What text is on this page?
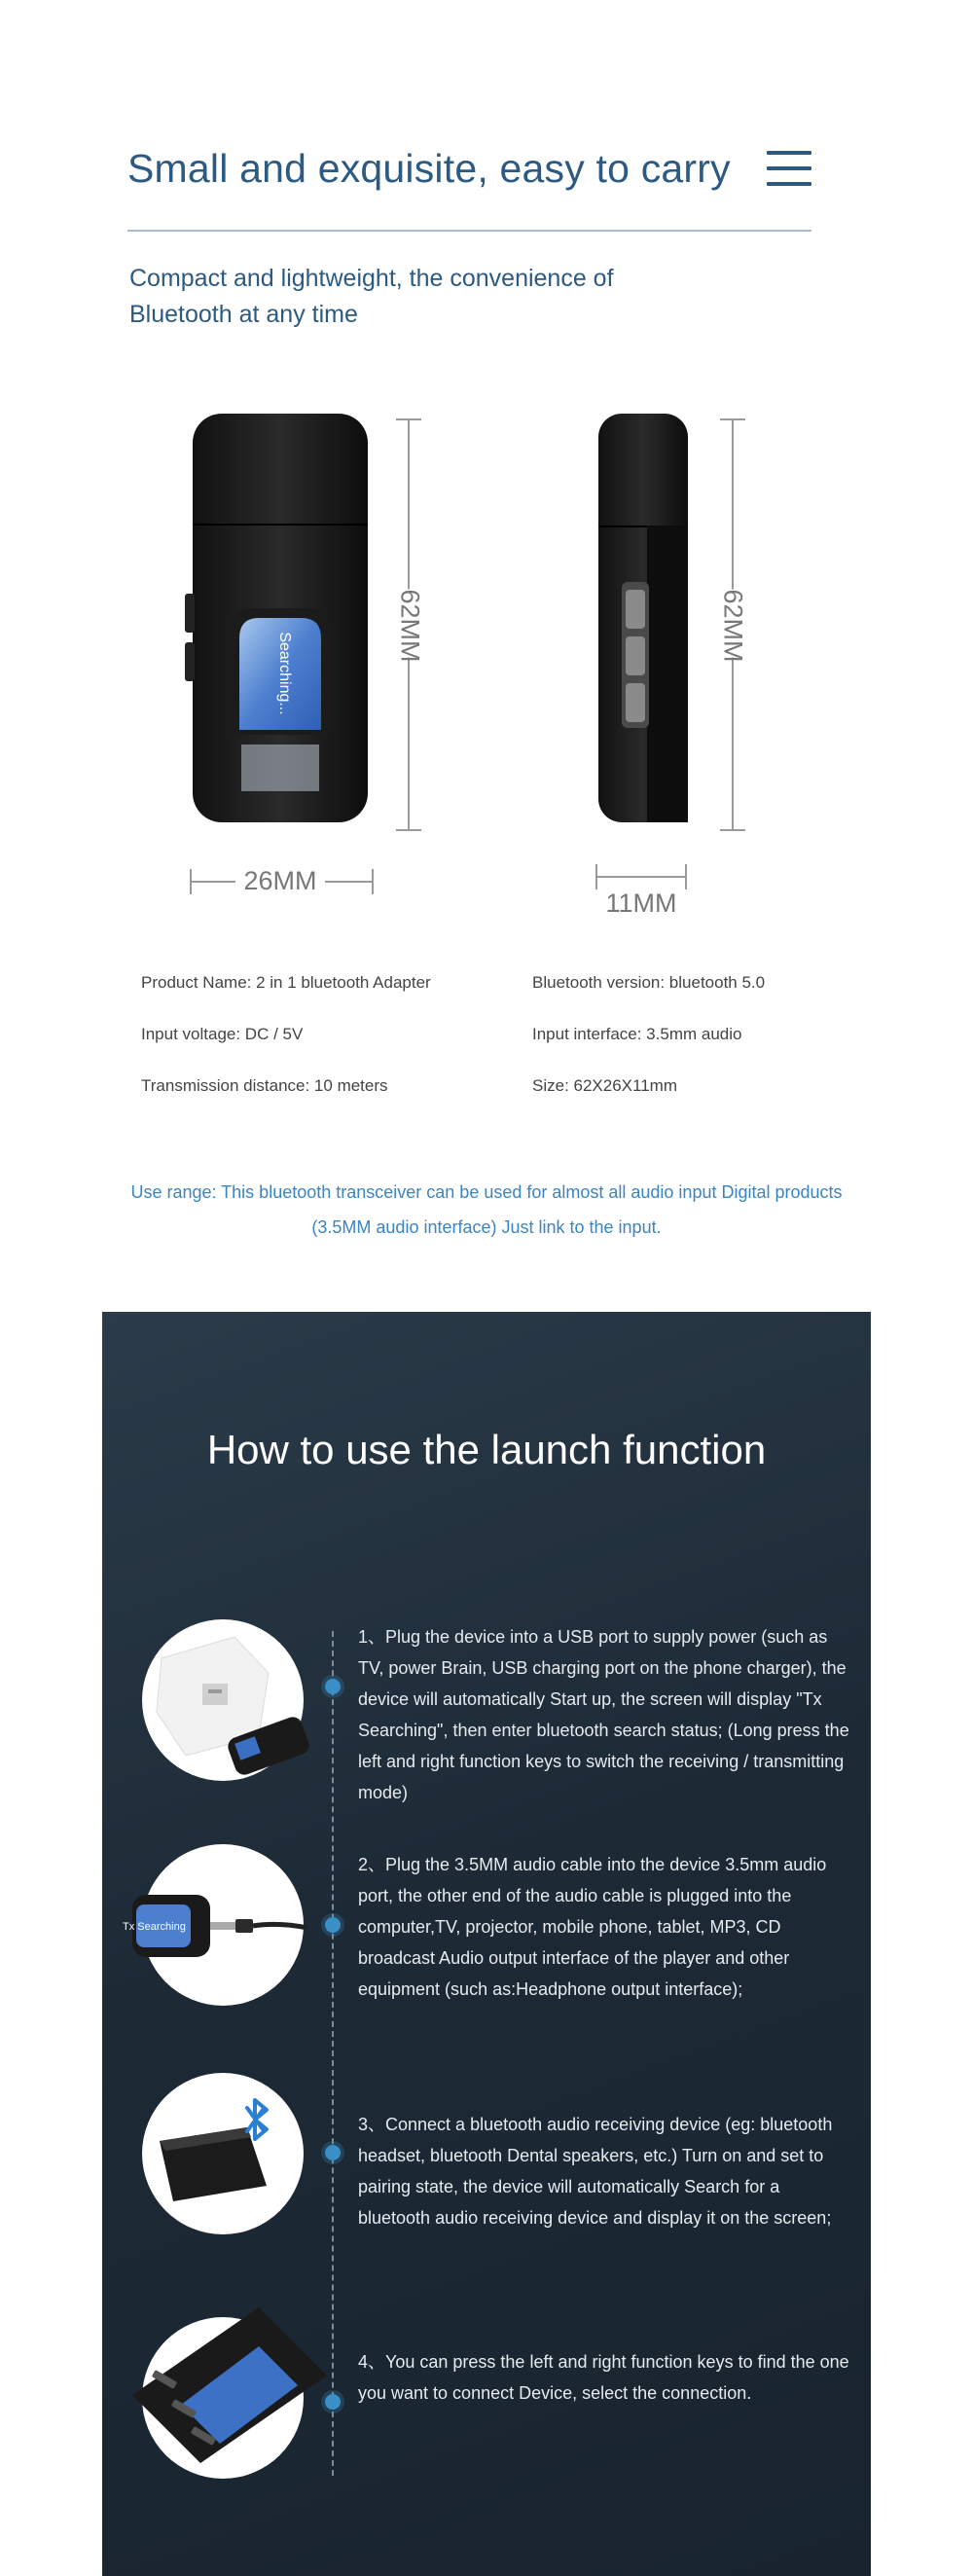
Small and exquisite, easy to carry
Compact and lightweight, the convenience of Bluetooth at any time
Searching...
62MM
26MM
62MM
11MM
Product Name: 2 in 1 bluetooth Adapter	Bluetooth version: bluetooth 5.0
Input voltage: DC / 5V	Input interface: 3.5mm audio
Transmission distance: 10 meters	Size: 62X26X11mm
Use range: This bluetooth transceiver can be used for almost all audio input Digital products (3.5MM audio interface) Just link to the input.
How to use the launch function
1、Plug the device into a USB port to supply power (such as TV, power Brain, USB charging port on the phone charger), the device will automatically Start up, the screen will display "Tx Searching", then enter bluetooth search status; (Long press the left and right function keys to switch the receiving / transmitting mode)
Tx Searching
2、Plug the 3.5MM audio cable into the device 3.5mm audio port, the other end of the audio cable is plugged into the computer,TV, projector, mobile phone, tablet, MP3, CD broadcast Audio output interface of the player and other equipment (such as:Headphone output interface);
3、Connect a bluetooth audio receiving device (eg: bluetooth headset, bluetooth Dental speakers, etc.) Turn on and set to pairing state, the device will automatically Search for a bluetooth audio receiving device and display it on the screen;
4、You can press the left and right function keys to find the one you want to connect Device, select the connection.
